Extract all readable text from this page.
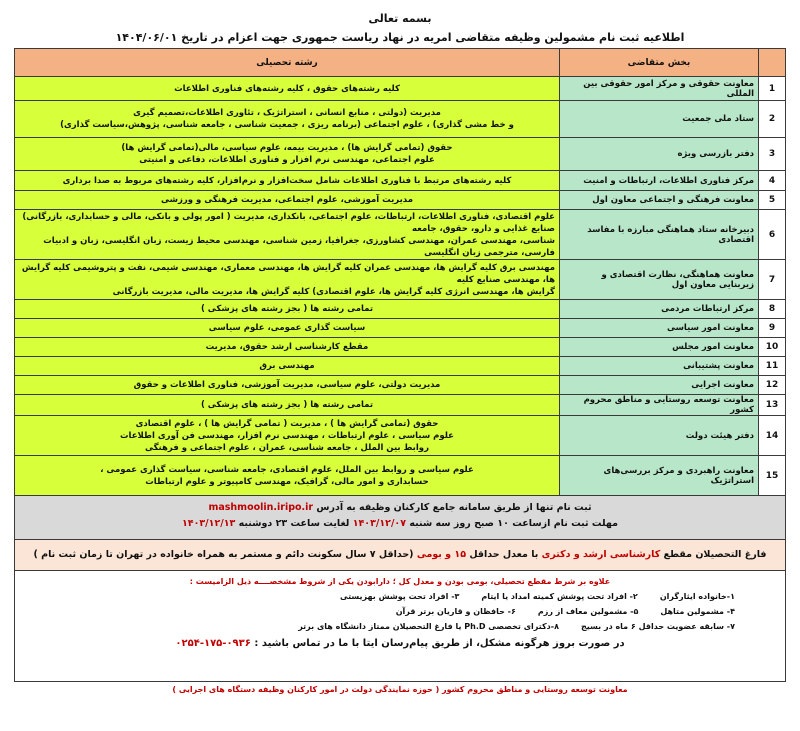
بسمه تعالی
اطلاعیه ثبت نام مشمولین وظیفه متقاضی امریه در نهاد ریاست جمهوری جهت اعزام در تاریخ ۱۴۰۴/۰۶/۰۱
	بخش متقاضی	رشته تحصیلی
1	معاونت حقوقی و مرکز امور حقوقی بین المللی	کلیه رشته‌های حقوق ، کلیه رشته‌های فناوری اطلاعات

2	ستاد ملی جمعیت	مدیریت (دولتی ، منابع انسانی ، استراتژیک ، تئاوری اطلاعات،تصمیم گیری
و خط مشی گذاری) ، علوم اجتماعی (برنامه ریزی ، جمعیت شناسی ، جامعه شناسی، پژوهش،سیاست گذاری)

3	دفتر بازرسی ویژه	حقوق (تمامی گرایش ها) ، مدیریت بیمه، علوم سیاسی، مالی(تمامی گرایش ها)
علوم اجتماعی، مهندسی نرم افزار و فناوری اطلاعات، دفاعی و امنیتی

4	مرکز فناوری اطلاعات، ارتباطات و امنیت	کلیه رشته‌های مرتبط با فناوری اطلاعات شامل سخت‌افزار و نرم‌افزار، کلیه رشته‌های مربوط به صدا برداری

5	معاونت فرهنگی و اجتماعی معاون اول	مدیریت آموزشی، علوم اجتماعی، مدیریت فرهنگی و ورزشی

6	دبیرخانه ستاد هماهنگی مبارزه با مفاسد اقتصادی	علوم اقتصادی، فناوری اطلاعات، ارتباطات، علوم اجتماعی، بانکداری، مدیریت ( امور پولی و بانکی، مالی و حسابداری، بازرگانی) صنایع غذایی و دارو، حقوق، جامعه
شناسی، مهندسی عمران، مهندسی کشاورزی، جغرافیا، زمین شناسی، مهندسی محیط زیست، زبان انگلیسی، زبان و ادبیات فارسی، مترجمی زبان انگلیسی

7	معاونت هماهنگی، نظارت اقتصادی و زیربنایی معاون اول	مهندسی برق کلیه گرایش ها، مهندسی عمران کلیه گرایش ها، مهندسی معماری، مهندسی شیمی، نفت و پتروشیمی کلیه گرایش ها، مهندسی صنایع کلیه
گرایش ها، مهندسی انرژی کلیه گرایش ها، علوم اقتصادی) کلیه گرایش ها، مدیریت مالی، مدیریت بازرگانی

8	مرکز ارتباطات مردمی	تمامی رشته ها ( بجز رشته های پزشکی )

9	معاونت امور سیاسی	سیاست گذاری عمومی، علوم سیاسی

10	معاونت امور مجلس	مقطع کارشناسی ارشد حقوق، مدیریت

11	معاونت پشتیبانی	مهندسی برق

12	معاونت اجرایی	مدیریت دولتی، علوم سیاسی، مدیریت آموزشی، فناوری اطلاعات و حقوق

13	معاونت توسعه روستایی و مناطق محروم کشور	تمامی رشته ها ( بجز رشته های پزشکی )

14	دفتر هیئت دولت	حقوق (تمامی گرایش ها ) ، مدیریت ( تمامی گرایش ها ) ، علوم اقتصادی
علوم سیاسی ، علوم ارتباطات ، مهندسی نرم افزار، مهندسی فن آوری اطلاعات
روابط بین الملل ، جامعه شناسی، عمران ، علوم اجتماعی و فرهنگی

15	معاونت راهبردی و مرکز بررسی‌های استراتژیک	علوم سیاسی و روابط بین الملل، علوم اقتصادی، جامعه شناسی، سیاست گذاری عمومی ،
حسابداری و امور مالی، گرافیک، مهندسی کامپیوتر و علوم ارتباطات
ثبت نام تنها از طریق سامانه جامع کارکنان وظیفه به آدرس mashmoolin.iripo.ir
مهلت ثبت نام ازساعت ۱۰ صبح روز سه شنبه ۱۴۰۳/۱۲/۰۷ لغایت ساعت ۲۳ دوشنبه ۱۴۰۳/۱۲/۱۳
فارغ التحصیلان مقطع کارشناسی ارشد و دکتری با معدل حداقل ۱۵ و بومی (حداقل ۷ سال سکونت دائم و مستمر به همراه خانواده در تهران تا زمان ثبت نام )
علاوه بر شرط مقطع تحصیلی، بومی بودن و معدل کل ؛ دارابودن یکی از شروط مشخصــــه ذیل الزامیست :
۱-خانواده ایثارگران
۲- افراد تحت پوشش کمیته امداد یا ایتام
۳- افراد تحت پوشش بهزیستی
۴- مشمولین متاهل
۵- مشمولین معاف از رزم
۶- حافظان و قاریان برتر قرآن
۷- سابقه عضویت حداقل ۶ ماه در بسیج
۸-دکترای تخصصی Ph.D یا فارغ التحصیلان ممتاز دانشگاه های برتر
در صورت بروز هرگونه مشکل، از طریق پیام‌رسان ایتا با ما در تماس باشید : ۰۹۳۶-۱۷۵-۰۲۵۴
معاونت توسعه روستایی و مناطق محروم کشور ( حوزه نمایندگی دولت در امور کارکنان وظیفه دستگاه های اجرایی )
